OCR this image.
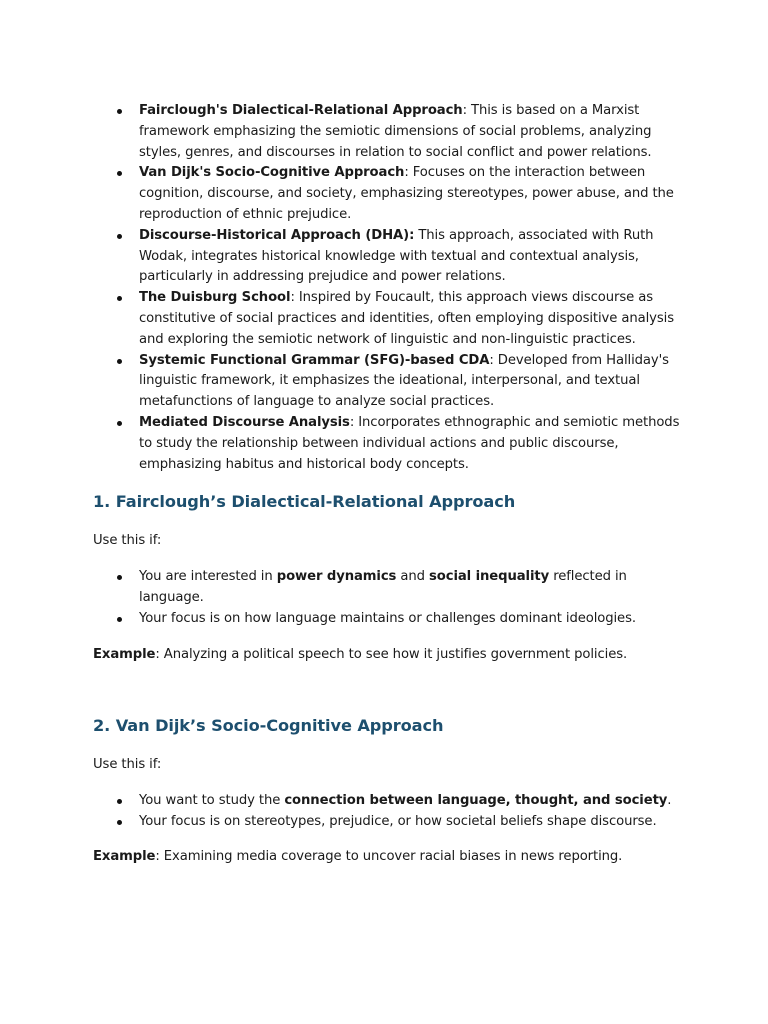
Fairclough's Dialectical-Relational Approach: This is based on a Marxist framework emphasizing the semiotic dimensions of social problems, analyzing styles, genres, and discourses in relation to social conflict and power relations.
Van Dijk's Socio-Cognitive Approach: Focuses on the interaction between cognition, discourse, and society, emphasizing stereotypes, power abuse, and the reproduction of ethnic prejudice.
Discourse-Historical Approach (DHA): This approach, associated with Ruth Wodak, integrates historical knowledge with textual and contextual analysis, particularly in addressing prejudice and power relations.
The Duisburg School: Inspired by Foucault, this approach views discourse as constitutive of social practices and identities, often employing dispositive analysis and exploring the semiotic network of linguistic and non-linguistic practices.
Systemic Functional Grammar (SFG)-based CDA: Developed from Halliday's linguistic framework, it emphasizes the ideational, interpersonal, and textual metafunctions of language to analyze social practices.
Mediated Discourse Analysis: Incorporates ethnographic and semiotic methods to study the relationship between individual actions and public discourse, emphasizing habitus and historical body concepts.
1. Fairclough’s Dialectical-Relational Approach

Use this if:

You are interested in power dynamics and social inequality reflected in language.
Your focus is on how language maintains or challenges dominant ideologies.

Example: Analyzing a political speech to see how it justifies government policies.

2. Van Dijk’s Socio-Cognitive Approach

Use this if:

You want to study the connection between language, thought, and society.
Your focus is on stereotypes, prejudice, or how societal beliefs shape discourse.

Example: Examining media coverage to uncover racial biases in news reporting.
